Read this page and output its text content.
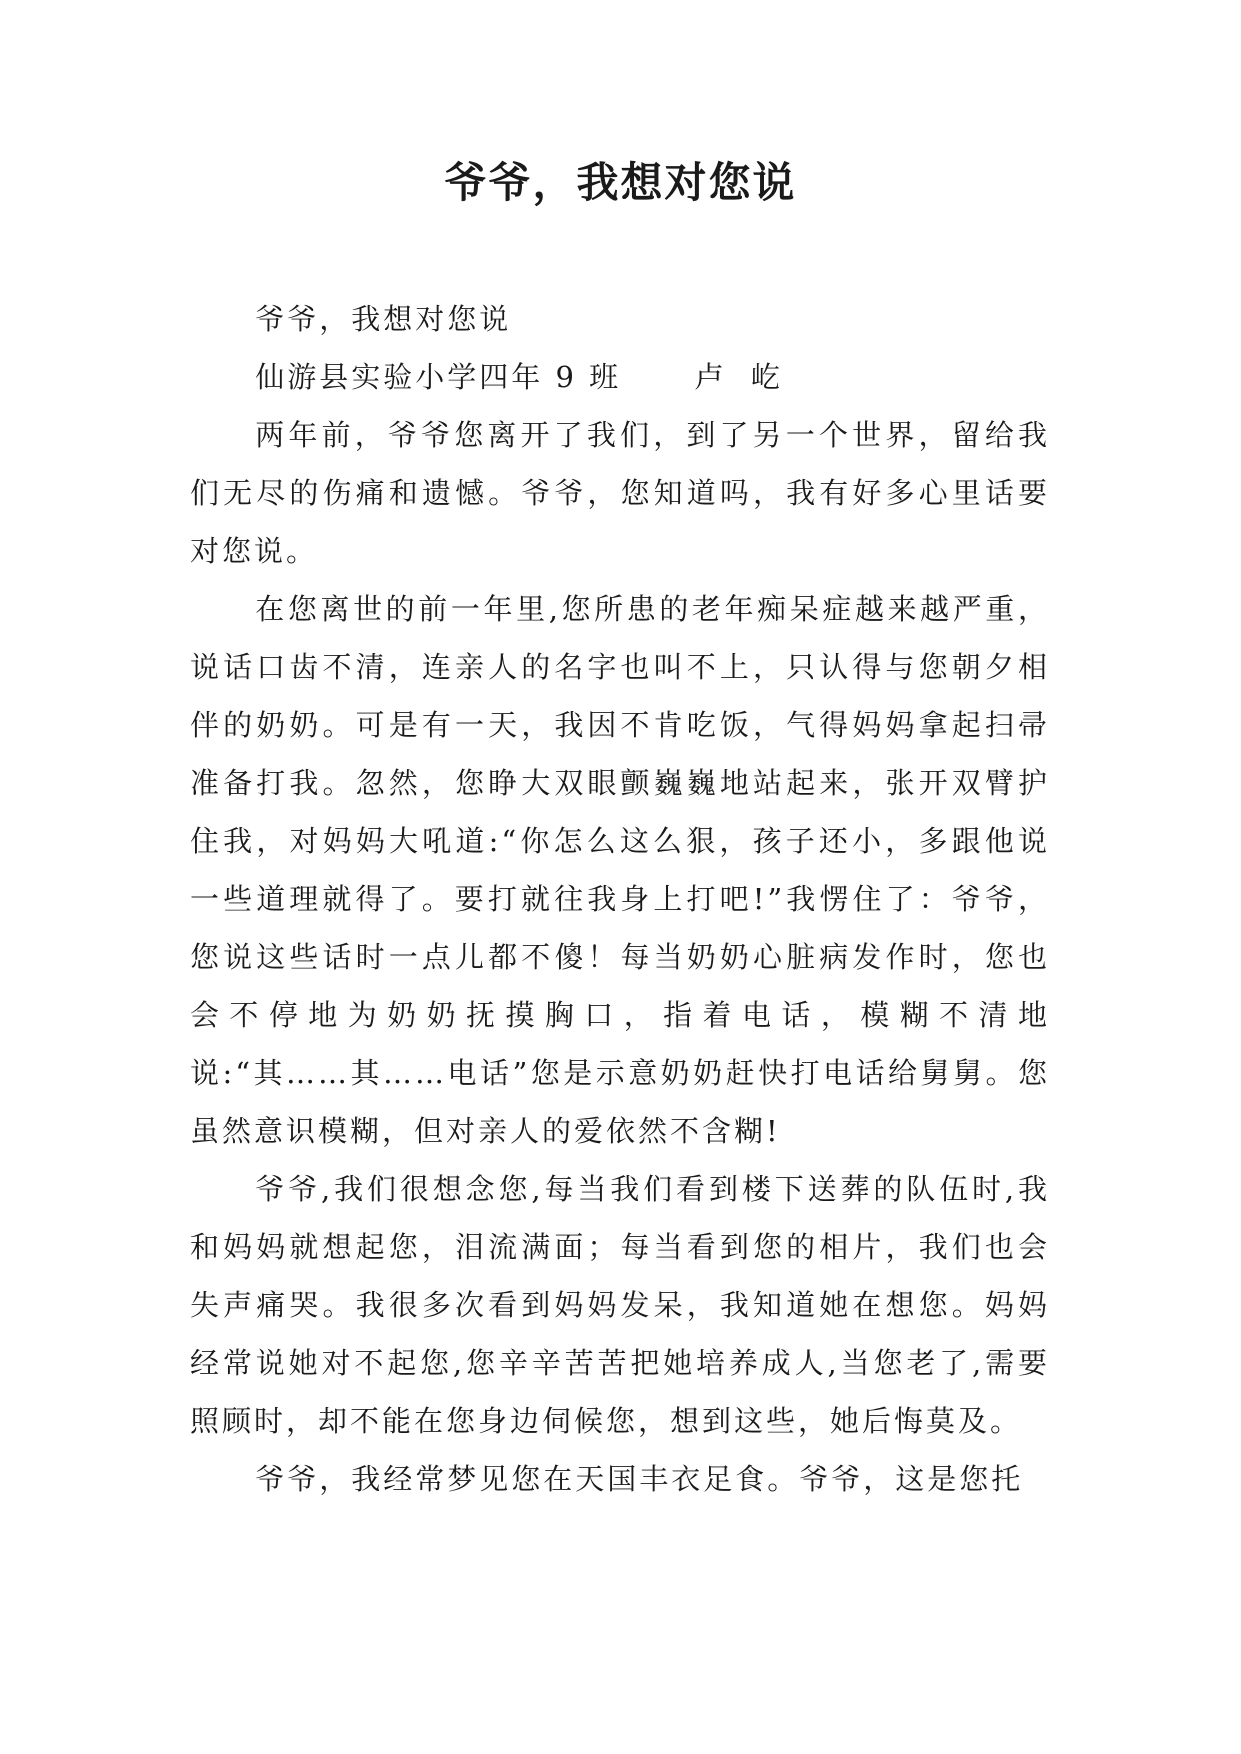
爷爷，我想对您说

爷爷，我想对您说

仙游县实验小学四年 9 班      卢  屹

两年前，爷爷您离开了我们，到了另一个世界，留给我们无尽的伤痛和遗憾。爷爷，您知道吗，我有好多心里话要对您说。

在您离世的前一年里,您所患的老年痴呆症越来越严重，说话口齿不清，连亲人的名字也叫不上，只认得与您朝夕相伴的奶奶。可是有一天，我因不肯吃饭，气得妈妈拿起扫帚准备打我。忽然，您睁大双眼颤巍巍地站起来，张开双臂护住我，对妈妈大吼道:“你怎么这么狠，孩子还小，多跟他说一些道理就得了。要打就往我身上打吧!”我愣住了：爷爷，您说这些话时一点儿都不傻！每当奶奶心脏病发作时，您也会不停地为奶奶抚摸胸口，指着电话，模糊不清地说:“其……其……电话”您是示意奶奶赶快打电话给舅舅。您虽然意识模糊，但对亲人的爱依然不含糊!

爷爷,我们很想念您,每当我们看到楼下送葬的队伍时,我和妈妈就想起您，泪流满面；每当看到您的相片，我们也会失声痛哭。我很多次看到妈妈发呆，我知道她在想您。妈妈经常说她对不起您,您辛辛苦苦把她培养成人,当您老了,需要照顾时，却不能在您身边伺候您，想到这些，她后悔莫及。

爷爷，我经常梦见您在天国丰衣足食。爷爷，这是您托
